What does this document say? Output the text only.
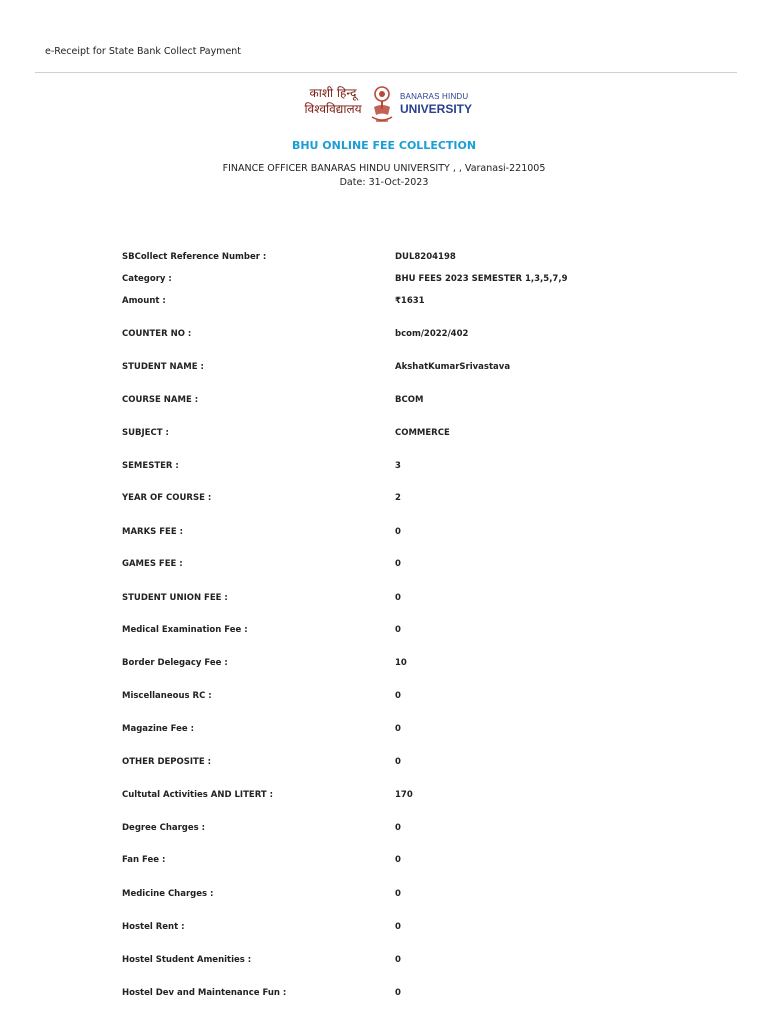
e-Receipt for State Bank Collect Payment
काशी हिन्दू
विश्वविद्यालय
BANARAS HINDU
UNIVERSITY
BHU ONLINE FEE COLLECTION
FINANCE OFFICER BANARAS HINDU UNIVERSITY , , Varanasi-221005
Date: 31-Oct-2023
SBCollect Reference Number :	DUL8204198
Category :	BHU FEES 2023 SEMESTER 1,3,5,7,9
Amount :	₹1631
COUNTER NO :	bcom/2022/402
STUDENT NAME :	AkshatKumarSrivastava
COURSE NAME :	BCOM
SUBJECT :	COMMERCE
SEMESTER :	3
YEAR OF COURSE :	2
MARKS FEE :	0
GAMES FEE :	0
STUDENT UNION FEE :	0
Medical Examination Fee :	0
Border Delegacy Fee :	10
Miscellaneous RC :	0
Magazine Fee :	0
OTHER DEPOSITE :	0
Cultutal Activities AND LITERT :	170
Degree Charges :	0
Fan Fee :	0
Medicine Charges :	0
Hostel Rent :	0
Hostel Student Amenities :	0
Hostel Dev and Maintenance Fun :	0
